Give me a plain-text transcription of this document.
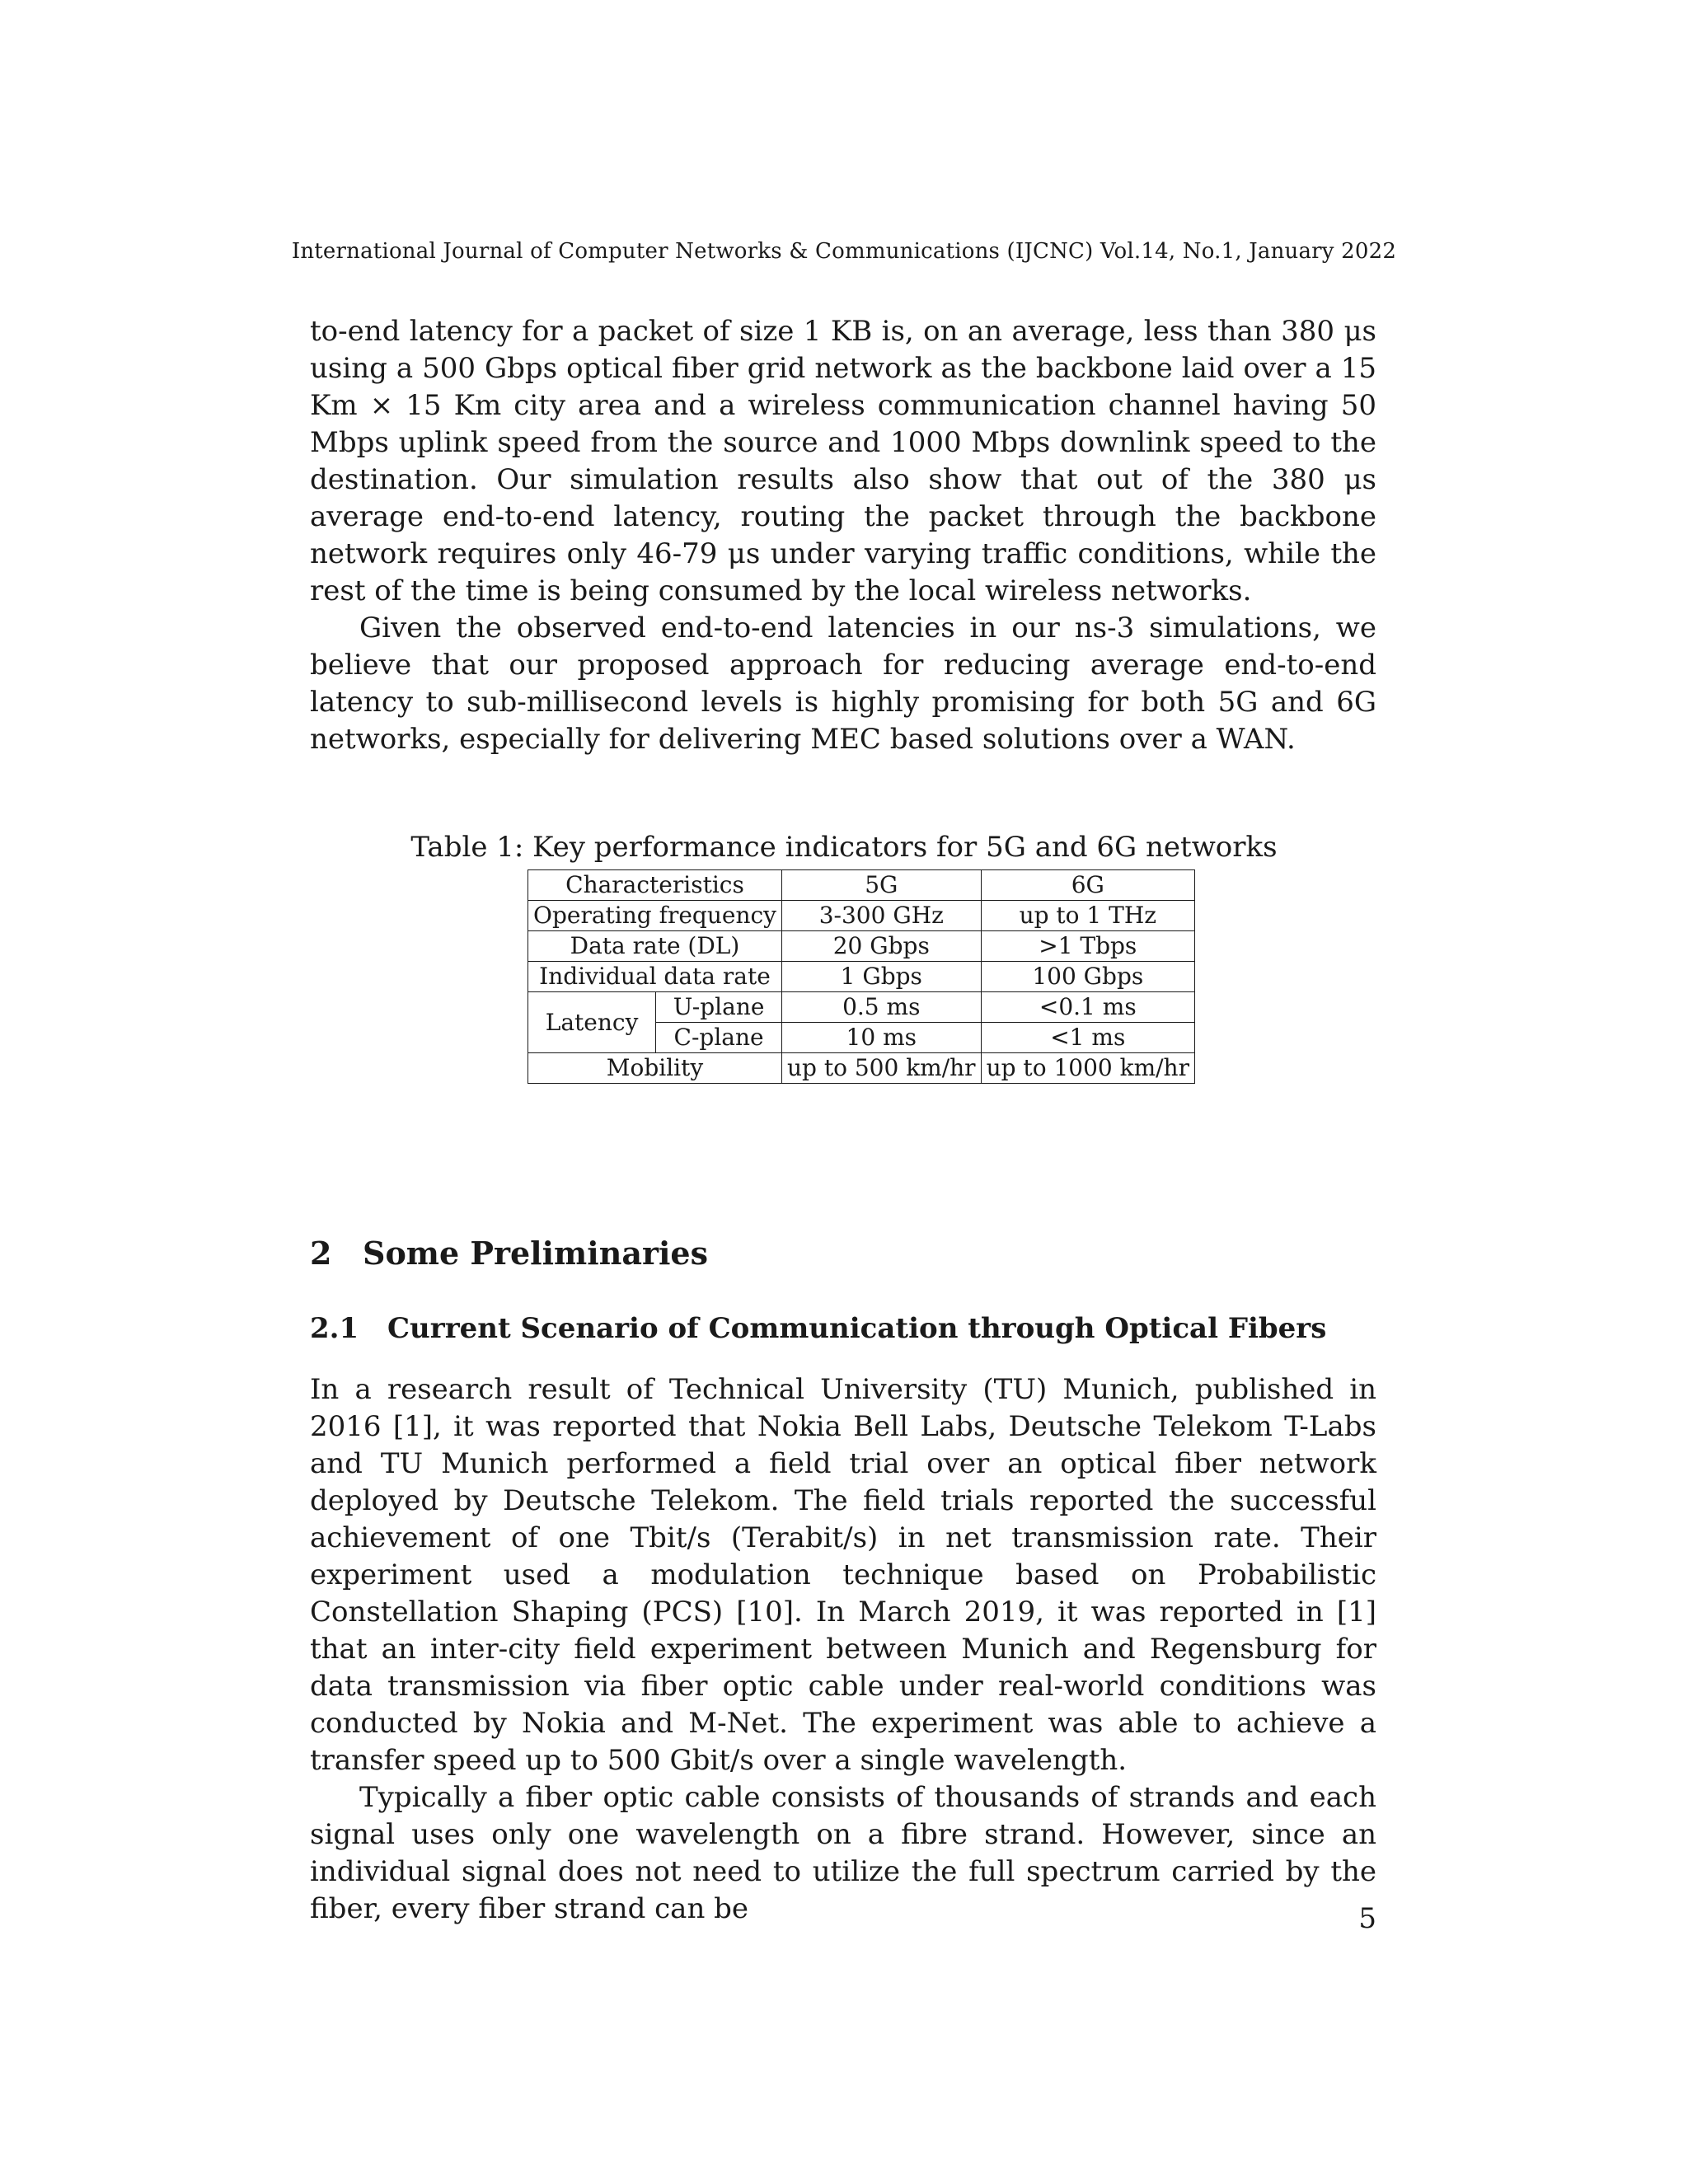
International Journal of Computer Networks & Communications (IJCNC) Vol.14, No.1, January 2022

to-end latency for a packet of size 1 KB is, on an average, less than 380 μs using a 500 Gbps optical fiber grid network as the backbone laid over a 15 Km × 15 Km city area and a wireless communication channel having 50 Mbps uplink speed from the source and 1000 Mbps downlink speed to the destination. Our simulation results also show that out of the 380 μs average end-to-end latency, routing the packet through the backbone network requires only 46-79 μs under varying traffic conditions, while the rest of the time is being consumed by the local wireless networks.

Given the observed end-to-end latencies in our ns-3 simulations, we believe that our proposed approach for reducing average end-to-end latency to sub-millisecond levels is highly promising for both 5G and 6G networks, especially for delivering MEC based solutions over a WAN.

Table 1: Key performance indicators for 5G and 6G networks
Characteristics		5G	6G
Operating frequency		3-300 GHz	up to 1 THz
Data rate (DL)		20 Gbps	>1 Tbps
Individual data rate		1 Gbps	100 Gbps
Latency	U-plane	0.5 ms	<0.1 ms
	C-plane	10 ms	<1 ms
Mobility		up to 500 km/hr	up to 1000 km/hr
2 Some Preliminaries
2.1 Current Scenario of Communication through Optical Fibers

In a research result of Technical University (TU) Munich, published in 2016 [1], it was reported that Nokia Bell Labs, Deutsche Telekom T-Labs and TU Munich performed a field trial over an optical fiber network deployed by Deutsche Telekom. The field trials reported the successful achievement of one Tbit/s (Terabit/s) in net transmission rate. Their experiment used a modulation technique based on Probabilistic Constellation Shaping (PCS) [10]. In March 2019, it was reported in [1] that an inter-city field experiment between Munich and Regensburg for data transmission via fiber optic cable under real-world conditions was conducted by Nokia and M-Net. The experiment was able to achieve a transfer speed up to 500 Gbit/s over a single wavelength.

Typically a fiber optic cable consists of thousands of strands and each signal uses only one wavelength on a fibre strand. However, since an individual signal does not need to utilize the full spectrum carried by the fiber, every fiber strand can be	5
